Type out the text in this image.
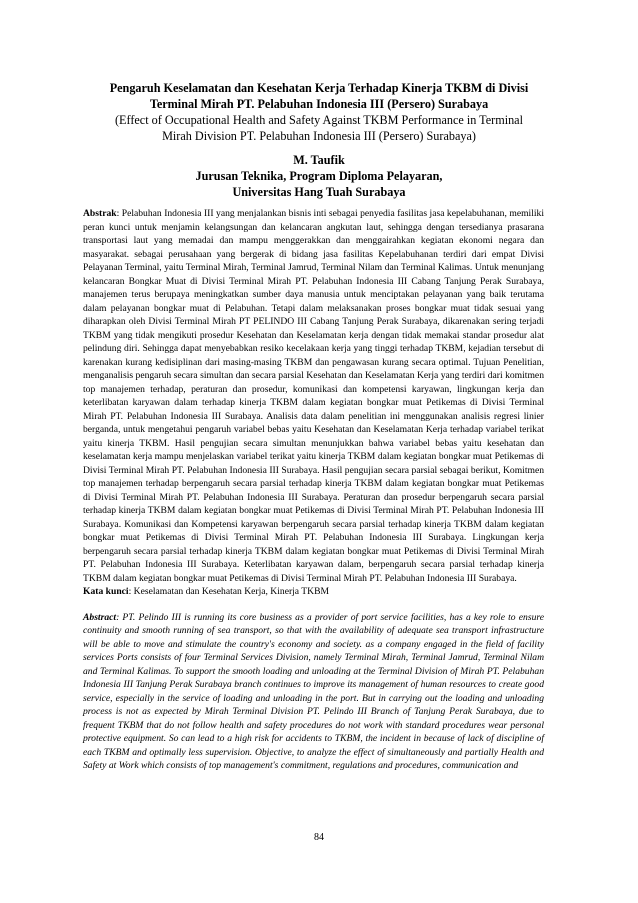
Pengaruh Keselamatan dan Kesehatan Kerja Terhadap Kinerja TKBM di Divisi

Terminal Mirah PT. Pelabuhan Indonesia III (Persero) Surabaya

(Effect of Occupational Health and Safety Against TKBM Performance in Terminal

Mirah Division PT. Pelabuhan Indonesia III (Persero) Surabaya)

M. Taufik
Jurusan Teknika, Program Diploma Pelayaran,
Universitas Hang Tuah Surabaya

Abstrak: Pelabuhan Indonesia III yang menjalankan bisnis inti sebagai penyedia fasilitas jasa kepelabuhanan, memiliki peran kunci untuk menjamin kelangsungan dan kelancaran angkutan laut, sehingga dengan tersedianya prasarana transportasi laut yang memadai dan mampu menggerakkan dan menggairahkan kegiatan ekonomi negara dan masyarakat. sebagai perusahaan yang bergerak di bidang jasa fasilitas Kepelabuhanan terdiri dari empat Divisi Pelayanan Terminal, yaitu Terminal Mirah, Terminal Jamrud, Terminal Nilam dan Terminal Kalimas. Untuk menunjang kelancaran Bongkar Muat di Divisi Terminal Mirah PT. Pelabuhan Indonesia III Cabang Tanjung Perak Surabaya, manajemen terus berupaya meningkatkan sumber daya manusia untuk menciptakan pelayanan yang baik terutama dalam pelayanan bongkar muat di Pelabuhan. Tetapi dalam melaksanakan proses bongkar muat tidak sesuai yang diharapkan oleh Divisi Terminal Mirah PT PELINDO III Cabang Tanjung Perak Surabaya, dikarenakan sering terjadi TKBM yang tidak mengikuti prosedur Kesehatan dan Keselamatan kerja dengan tidak memakai standar prosedur alat pelindung diri. Sehingga dapat menyebabkan resiko kecelakaan kerja yang tinggi terhadap TKBM, kejadian tersebut di karenakan kurang kedisiplinan dari masing-masing TKBM dan pengawasan kurang secara optimal. Tujuan Penelitian, menganalisis pengaruh secara simultan dan secara parsial Kesehatan dan Keselamatan Kerja yang terdiri dari komitmen top manajemen terhadap, peraturan dan prosedur, komunikasi dan kompetensi karyawan, lingkungan kerja dan keterlibatan karyawan dalam terhadap kinerja TKBM dalam kegiatan bongkar muat Petikemas di Divisi Terminal Mirah PT. Pelabuhan Indonesia III Surabaya. Analisis data dalam penelitian ini menggunakan analisis regresi linier berganda, untuk mengetahui pengaruh variabel bebas yaitu Kesehatan dan Keselamatan Kerja terhadap variabel terikat yaitu kinerja TKBM. Hasil pengujian secara simultan menunjukkan bahwa variabel bebas yaitu kesehatan dan keselamatan kerja mampu menjelaskan variabel terikat yaitu kinerja TKBM dalam kegiatan bongkar muat Petikemas di Divisi Terminal Mirah PT. Pelabuhan Indonesia III Surabaya. Hasil pengujian secara parsial sebagai berikut, Komitmen top manajemen terhadap berpengaruh secara parsial terhadap kinerja TKBM dalam kegiatan bongkar muat Petikemas di Divisi Terminal Mirah PT. Pelabuhan Indonesia III Surabaya. Peraturan dan prosedur berpengaruh secara parsial terhadap kinerja TKBM dalam kegiatan bongkar muat Petikemas di Divisi Terminal Mirah PT. Pelabuhan Indonesia III Surabaya. Komunikasi dan Kompetensi karyawan berpengaruh secara parsial terhadap kinerja TKBM dalam kegiatan bongkar muat Petikemas di Divisi Terminal Mirah PT. Pelabuhan Indonesia III Surabaya. Lingkungan kerja berpengaruh secara parsial terhadap kinerja TKBM dalam kegiatan bongkar muat Petikemas di Divisi Terminal Mirah PT. Pelabuhan Indonesia III Surabaya. Keterlibatan karyawan dalam, berpengaruh secara parsial terhadap kinerja TKBM dalam kegiatan bongkar muat Petikemas di Divisi Terminal Mirah PT. Pelabuhan Indonesia III Surabaya.

Kata kunci: Keselamatan dan Kesehatan Kerja, Kinerja TKBM

Abstract: PT. Pelindo III is running its core business as a provider of port service facilities, has a key role to ensure continuity and smooth running of sea transport, so that with the availability of adequate sea transport infrastructure will be able to move and stimulate the country's economy and society. as a company engaged in the field of facility services Ports consists of four Terminal Services Division, namely Terminal Mirah, Terminal Jamrud, Terminal Nilam and Terminal Kalimas. To support the smooth loading and unloading at the Terminal Division of Mirah PT. Pelabuhan Indonesia III Tanjung Perak Surabaya branch continues to improve its management of human resources to create good service, especially in the service of loading and unloading in the port. But in carrying out the loading and unloading process is not as expected by Mirah Terminal Division PT. Pelindo III Branch of Tanjung Perak Surabaya, due to frequent TKBM that do not follow health and safety procedures do not work with standard procedures wear personal protective equipment. So can lead to a high risk for accidents to TKBM, the incident in because of lack of discipline of each TKBM and optimally less supervision. Objective, to analyze the effect of simultaneously and partially Health and Safety at Work which consists of top management's commitment, regulations and procedures, communication and

84
